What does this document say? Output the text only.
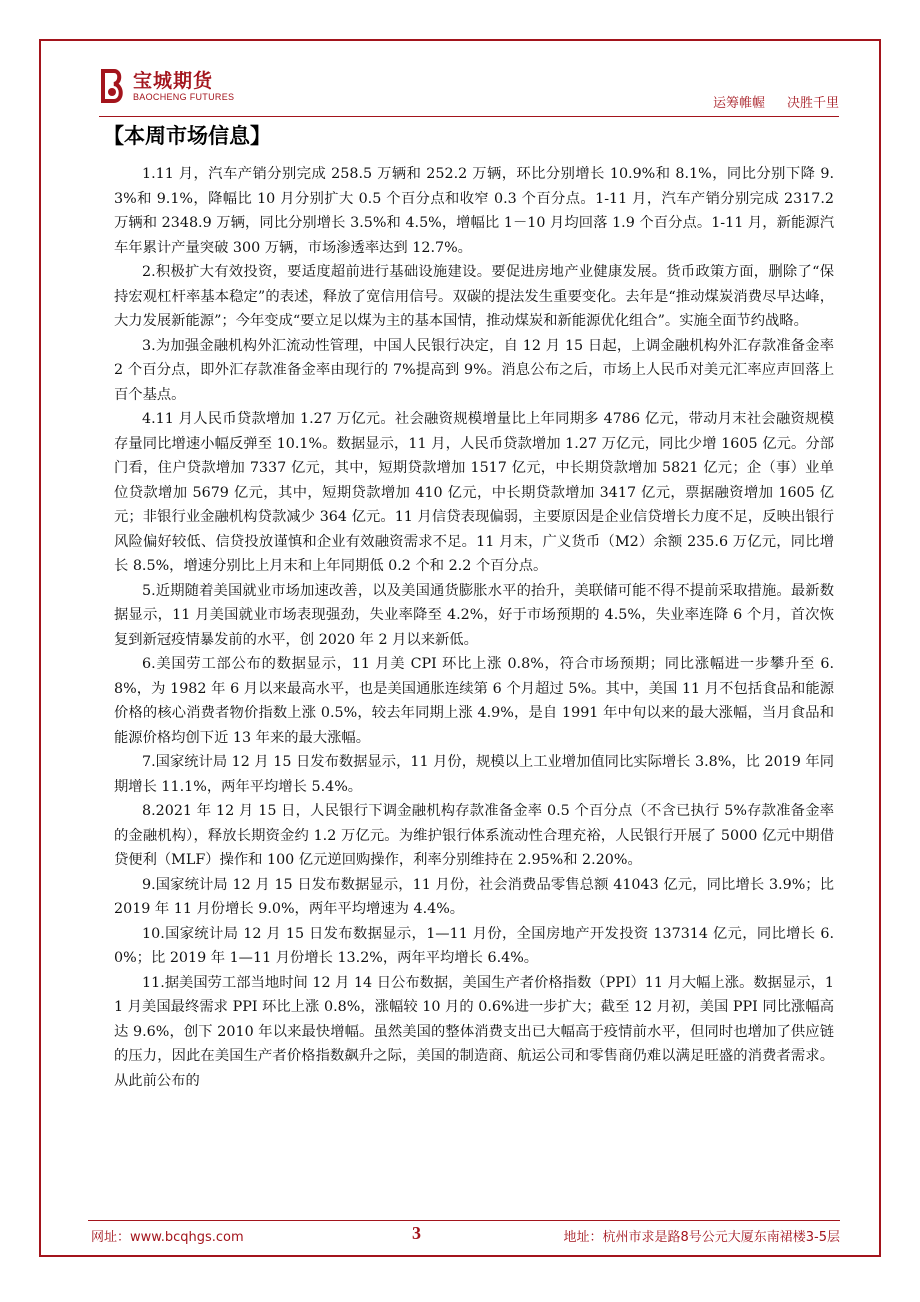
宝城期货
BAOCHENG FUTURES	运筹帷幄 决胜千里
【本周市场信息】

1.11 月，汽车产销分别完成 258.5 万辆和 252.2 万辆，环比分别增长 10.9%和 8.1%，同比分别下降 9.3%和 9.1%，降幅比 10 月分别扩大 0.5 个百分点和收窄 0.3 个百分点。1-11 月，汽车产销分别完成 2317.2 万辆和 2348.9 万辆，同比分别增长 3.5%和 4.5%，增幅比 1－10 月均回落 1.9 个百分点。1-11 月，新能源汽车年累计产量突破 300 万辆，市场渗透率达到 12.7%。

2.积极扩大有效投资，要适度超前进行基础设施建设。要促进房地产业健康发展。货币政策方面，删除了“保持宏观杠杆率基本稳定”的表述，释放了宽信用信号。双碳的提法发生重要变化。去年是“推动煤炭消费尽早达峰，大力发展新能源”；今年变成“要立足以煤为主的基本国情，推动煤炭和新能源优化组合”。实施全面节约战略。

3.为加强金融机构外汇流动性管理，中国人民银行决定，自 12 月 15 日起，上调金融机构外汇存款准备金率 2 个百分点，即外汇存款准备金率由现行的 7%提高到 9%。消息公布之后，市场上人民币对美元汇率应声回落上百个基点。

4.11 月人民币贷款增加 1.27 万亿元。社会融资规模增量比上年同期多 4786 亿元，带动月末社会融资规模存量同比增速小幅反弹至 10.1%。数据显示，11 月，人民币贷款增加 1.27 万亿元，同比少增 1605 亿元。分部门看，住户贷款增加 7337 亿元，其中，短期贷款增加 1517 亿元，中长期贷款增加 5821 亿元；企（事）业单位贷款增加 5679 亿元，其中，短期贷款增加 410 亿元，中长期贷款增加 3417 亿元，票据融资增加 1605 亿元；非银行业金融机构贷款减少 364 亿元。11 月信贷表现偏弱，主要原因是企业信贷增长力度不足，反映出银行风险偏好较低、信贷投放谨慎和企业有效融资需求不足。11 月末，广义货币（M2）余额 235.6 万亿元，同比增长 8.5%，增速分别比上月末和上年同期低 0.2 个和 2.2 个百分点。

5.近期随着美国就业市场加速改善，以及美国通货膨胀水平的抬升，美联储可能不得不提前采取措施。最新数据显示，11 月美国就业市场表现强劲，失业率降至 4.2%，好于市场预期的 4.5%，失业率连降 6 个月，首次恢复到新冠疫情暴发前的水平，创 2020 年 2 月以来新低。

6.美国劳工部公布的数据显示，11 月美 CPI 环比上涨 0.8%，符合市场预期；同比涨幅进一步攀升至 6.8%，为 1982 年 6 月以来最高水平，也是美国通胀连续第 6 个月超过 5%。其中，美国 11 月不包括食品和能源价格的核心消费者物价指数上涨 0.5%，较去年同期上涨 4.9%，是自 1991 年中旬以来的最大涨幅，当月食品和能源价格均创下近 13 年来的最大涨幅。

7.国家统计局 12 月 15 日发布数据显示，11 月份，规模以上工业增加值同比实际增长 3.8%，比 2019 年同期增长 11.1%，两年平均增长 5.4%。

8.2021 年 12 月 15 日，人民银行下调金融机构存款准备金率 0.5 个百分点（不含已执行 5%存款准备金率的金融机构），释放长期资金约 1.2 万亿元。为维护银行体系流动性合理充裕，人民银行开展了 5000 亿元中期借贷便利（MLF）操作和 100 亿元逆回购操作，利率分别维持在 2.95%和 2.20%。

9.国家统计局 12 月 15 日发布数据显示，11 月份，社会消费品零售总额 41043 亿元，同比增长 3.9%；比 2019 年 11 月份增长 9.0%，两年平均增速为 4.4%。

10.国家统计局 12 月 15 日发布数据显示，1—11 月份，全国房地产开发投资 137314 亿元，同比增长 6.0%；比 2019 年 1—11 月份增长 13.2%，两年平均增长 6.4%。

11.据美国劳工部当地时间 12 月 14 日公布数据，美国生产者价格指数（PPI）11 月大幅上涨。数据显示，11 月美国最终需求 PPI 环比上涨 0.8%，涨幅较 10 月的 0.6%进一步扩大；截至 12 月初，美国 PPI 同比涨幅高达 9.6%，创下 2010 年以来最快增幅。虽然美国的整体消费支出已大幅高于疫情前水平，但同时也增加了供应链的压力，因此在美国生产者价格指数飙升之际，美国的制造商、航运公司和零售商仍难以满足旺盛的消费者需求。从此前公布的

网址：www.bcqhgs.com	3	地址：杭州市求是路8号公元大厦东南裙楼3-5层
